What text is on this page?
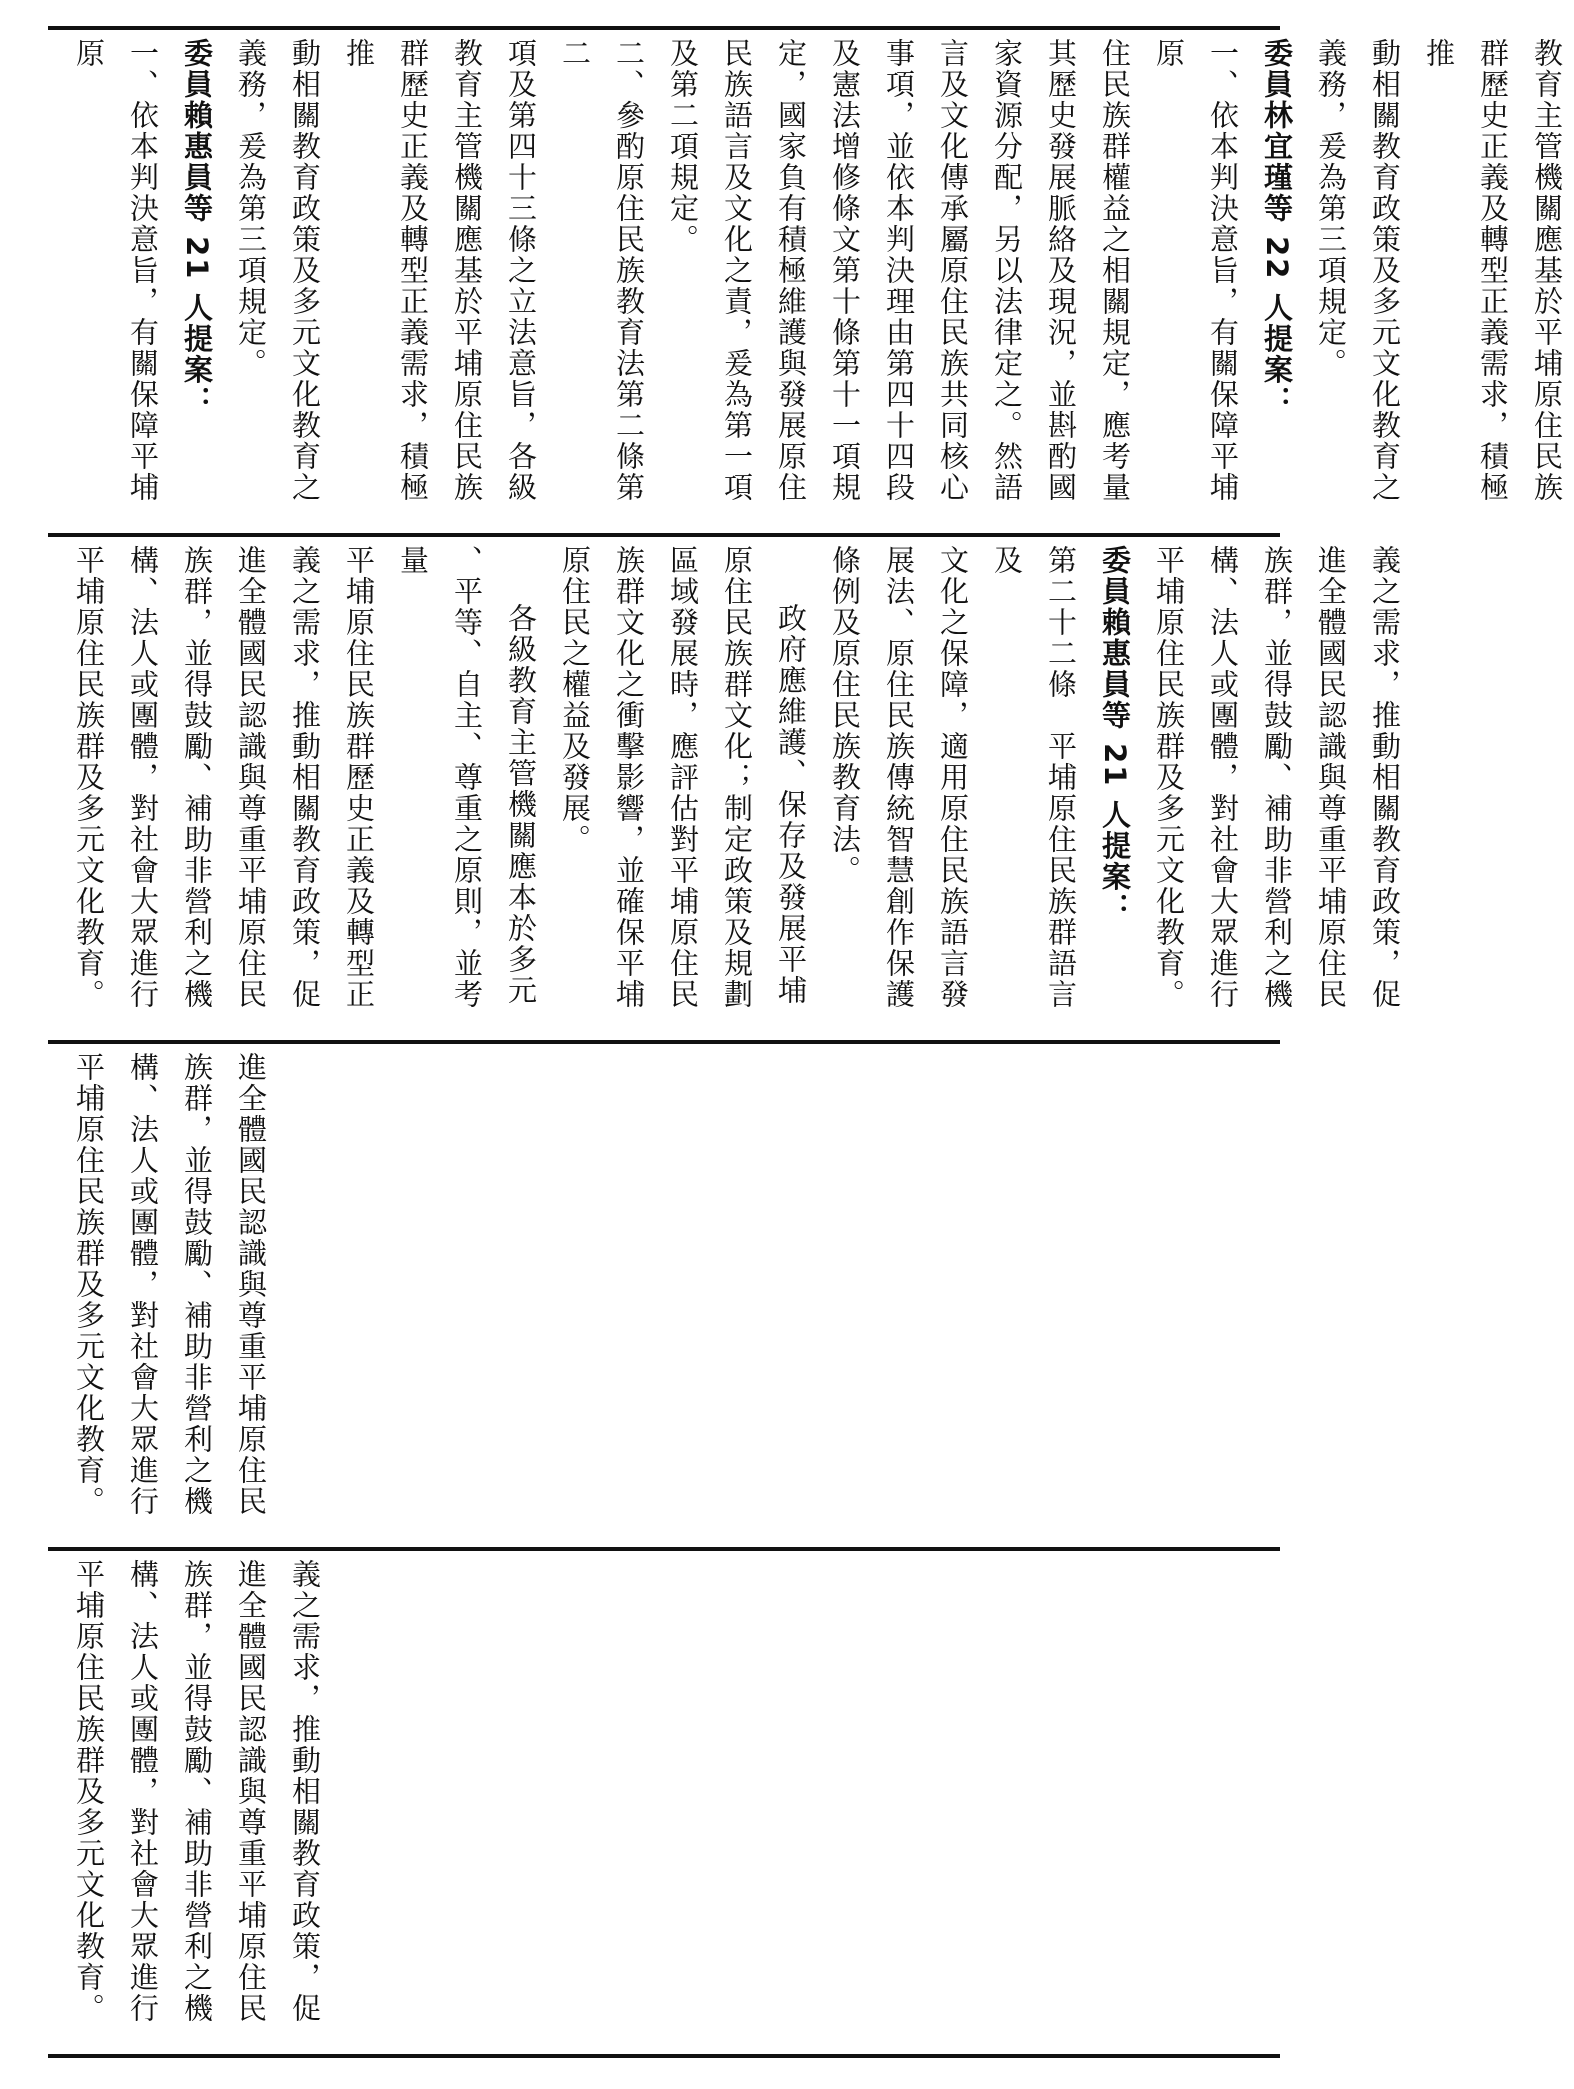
教育主管機關應基於平埔原住民族
群歷史正義及轉型正義需求，積極推
動相關教育政策及多元文化教育之
義務，爰為第三項規定。
委員林宜瑾等 22 人提案：
一、依本判決意旨，有關保障平埔原
住民族群權益之相關規定，應考量
其歷史發展脈絡及現況，並斟酌國
家資源分配，另以法律定之。然語
言及文化傳承屬原住民族共同核心
事項，並依本判決理由第四十四段
及憲法增修條文第十條第十一項規
定，國家負有積極維護與發展原住
民族語言及文化之責，爰為第一項
及第二項規定。
二、參酌原住民族教育法第二條第二
項及第四十三條之立法意旨，各級
教育主管機關應基於平埔原住民族
群歷史正義及轉型正義需求，積極推
動相關教育政策及多元文化教育之
義務，爰為第三項規定。
委員賴惠員等 21 人提案：
一、依本判決意旨，有關保障平埔原
義之需求，推動相關教育政策，促
進全體國民認識與尊重平埔原住民
族群，並得鼓勵、補助非營利之機
構、法人或團體，對社會大眾進行
平埔原住民族群及多元文化教育。
委員賴惠員等 21 人提案：
第二十二條　平埔原住民族群語言及
文化之保障，適用原住民族語言發
展法、原住民族傳統智慧創作保護
條例及原住民族教育法。
政府應維護、保存及發展平埔
原住民族群文化；制定政策及規劃
區域發展時，應評估對平埔原住民
族群文化之衝擊影響，並確保平埔
原住民之權益及發展。
各級教育主管機關應本於多元
、平等、自主、尊重之原則，並考量
平埔原住民族群歷史正義及轉型正
義之需求，推動相關教育政策，促
進全體國民認識與尊重平埔原住民
族群，並得鼓勵、補助非營利之機
構、法人或團體，對社會大眾進行
平埔原住民族群及多元文化教育。
進全體國民認識與尊重平埔原住民
族群，並得鼓勵、補助非營利之機
構、法人或團體，對社會大眾進行
平埔原住民族群及多元文化教育。
義之需求，推動相關教育政策，促
進全體國民認識與尊重平埔原住民
族群，並得鼓勵、補助非營利之機
構、法人或團體，對社會大眾進行
平埔原住民族群及多元文化教育。
